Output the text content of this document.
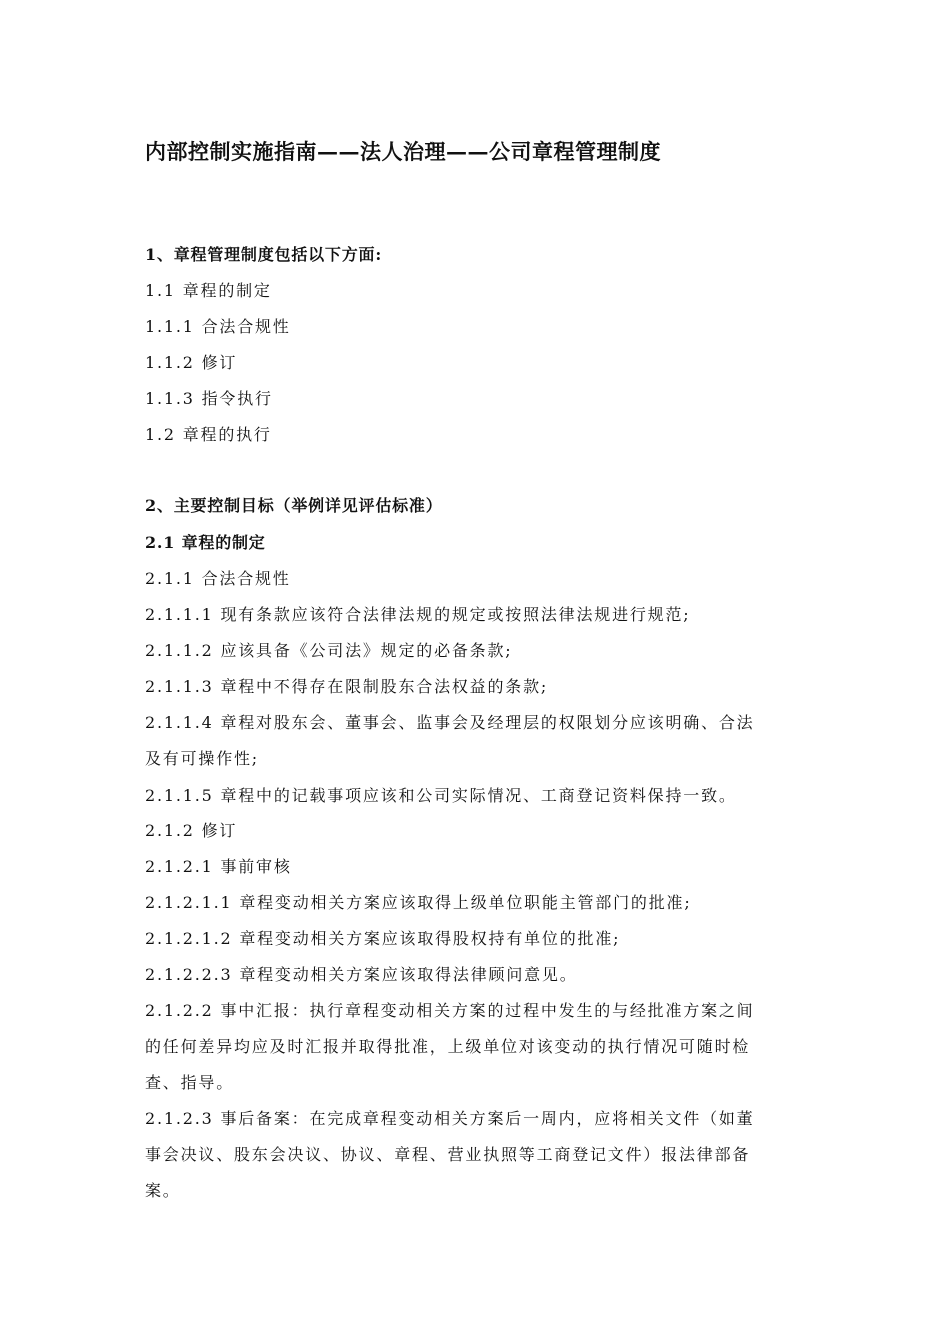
内部控制实施指南——法人治理——公司章程管理制度
1、章程管理制度包括以下方面:
1.1 章程的制定
1.1.1 合法合规性
1.1.2 修订
1.1.3 指令执行
1.2 章程的执行
2、主要控制目标（举例详见评估标准）
2.1 章程的制定
2.1.1 合法合规性
2.1.1.1 现有条款应该符合法律法规的规定或按照法律法规进行规范;
2.1.1.2 应该具备《公司法》规定的必备条款;
2.1.1.3 章程中不得存在限制股东合法权益的条款;
2.1.1.4 章程对股东会、董事会、监事会及经理层的权限划分应该明确、合法
及有可操作性;
2.1.1.5 章程中的记载事项应该和公司实际情况、工商登记资料保持一致。
2.1.2 修订
2.1.2.1 事前审核
2.1.2.1.1 章程变动相关方案应该取得上级单位职能主管部门的批准;
2.1.2.1.2 章程变动相关方案应该取得股权持有单位的批准;
2.1.2.2.3 章程变动相关方案应该取得法律顾问意见。
2.1.2.2 事中汇报：执行章程变动相关方案的过程中发生的与经批准方案之间
的任何差异均应及时汇报并取得批准，上级单位对该变动的执行情况可随时检
查、指导。
2.1.2.3 事后备案：在完成章程变动相关方案后一周内，应将相关文件（如董
事会决议、股东会决议、协议、章程、营业执照等工商登记文件）报法律部备
案。
